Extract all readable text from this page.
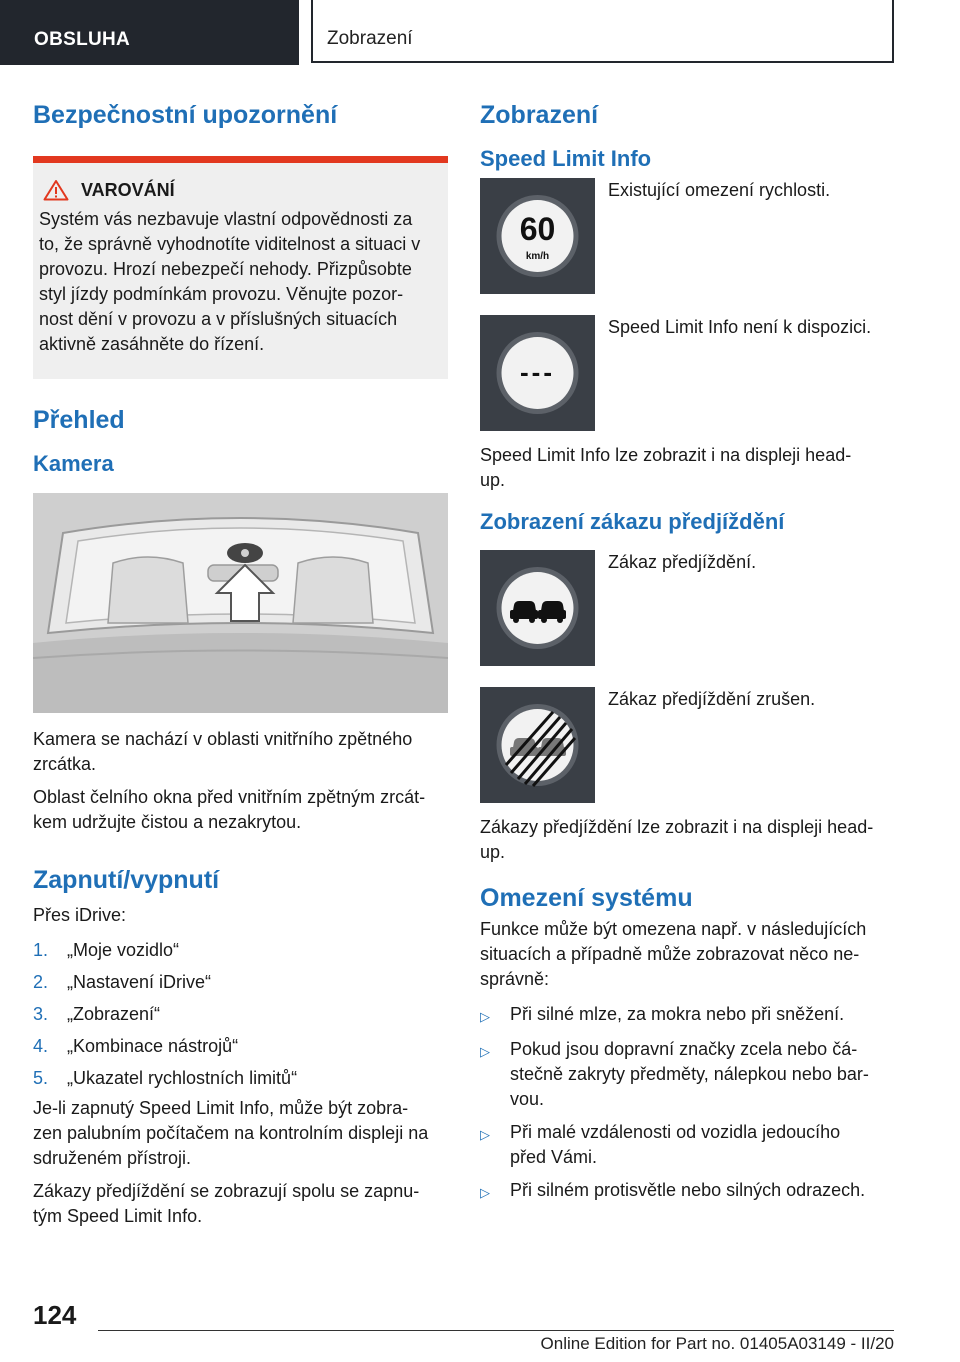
OBSLUHA	Zobrazení
Bezpečnostní upozornění
VAROVÁNÍ

Systém vás nezbavuje vlastní odpovědnosti za

to, že správně vyhodnotíte viditelnost a situaci v

provozu. Hrozí nebezpečí nehody. Přizpůsobte

styl jízdy podmínkám provozu. Věnujte pozor-

nost dění v provozu a v příslušných situacích

aktivně zasáhněte do řízení.

Přehled
Kamera

Kamera se nachází v oblasti vnitřního zpětného

zrcátka.

Oblast čelního okna před vnitřním zpětným zrcát-

kem udržujte čistou a nezakrytou.

Zapnutí/vypnutí

Přes iDrive:

1.	„Moje vozidlo“
2.	„Nastavení iDrive“
3.	„Zobrazení“
4.	„Kombinace nástrojů“
5.	„Ukazatel rychlostních limitů“

Je-li zapnutý Speed Limit Info, může být zobra-

zen palubním počítačem na kontrolním displeji na

sdruženém přístroji.

Zákazy předjíždění se zobrazují spolu se zapnu-

tým Speed Limit Info.

Zobrazení
Speed Limit Info
60
km/h
Existující omezení rychlosti.
---
Speed Limit Info není k dispozici.

Speed Limit Info lze zobrazit i na displeji head-

up.

Zobrazení zákazu předjíždění
Zákaz předjíždění.
Zákaz předjíždění zrušen.

Zákazy předjíždění lze zobrazit i na displeji head-

up.

Omezení systému

Funkce může být omezena např. v následujících

situacích a případně může zobrazovat něco ne-

správně:

▷	Při silné mlze, za mokra nebo při sněžení.

▷	Pokud jsou dopravní značky zcela nebo čá-

stečně zakryty předměty, nálepkou nebo bar-

vou.

▷	Při malé vzdálenosti od vozidla jedoucího

před Vámi.

▷	Při silném protisvětle nebo silných odrazech.

124
Online Edition for Part no. 01405A03149 - II/20
